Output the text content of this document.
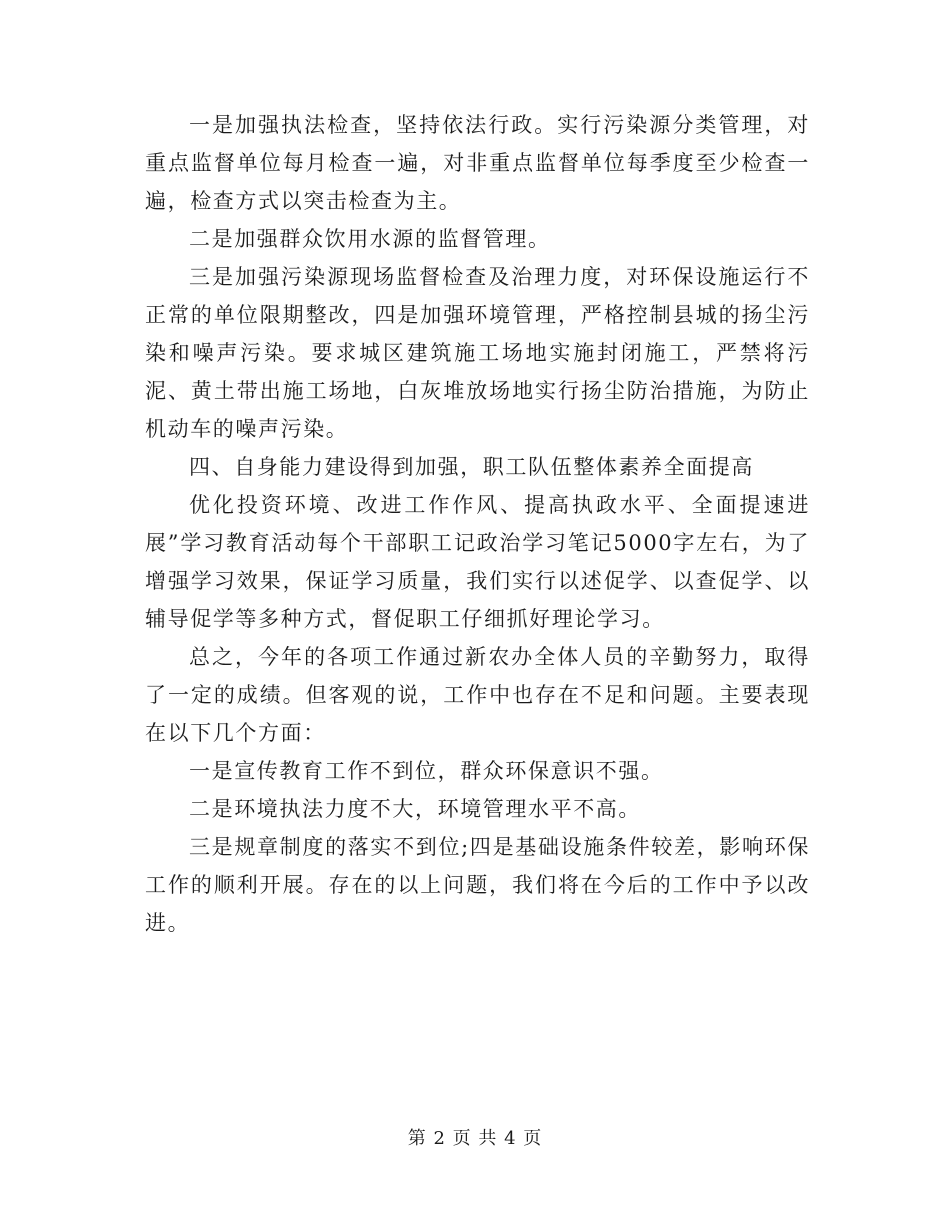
一是加强执法检查，坚持依法行政。实行污染源分类管理，对重点监督单位每月检查一遍，对非重点监督单位每季度至少检查一遍，检查方式以突击检查为主。

二是加强群众饮用水源的监督管理。

三是加强污染源现场监督检查及治理力度，对环保设施运行不正常的单位限期整改，四是加强环境管理，严格控制县城的扬尘污染和噪声污染。要求城区建筑施工场地实施封闭施工，严禁将污泥、黄土带出施工场地，白灰堆放场地实行扬尘防治措施，为防止机动车的噪声污染。

四、自身能力建设得到加强，职工队伍整体素养全面提高

优化投资环境、改进工作作风、提高执政水平、全面提速进展”学习教育活动每个干部职工记政治学习笔记5000字左右，为了增强学习效果，保证学习质量，我们实行以述促学、以查促学、以辅导促学等多种方式，督促职工仔细抓好理论学习。

总之，今年的各项工作通过新农办全体人员的辛勤努力，取得了一定的成绩。但客观的说，工作中也存在不足和问题。主要表现在以下几个方面：

一是宣传教育工作不到位，群众环保意识不强。

二是环境执法力度不大，环境管理水平不高。

三是规章制度的落实不到位;四是基础设施条件较差，影响环保工作的顺利开展。存在的以上问题，我们将在今后的工作中予以改进。

第 2 页 共 4 页
